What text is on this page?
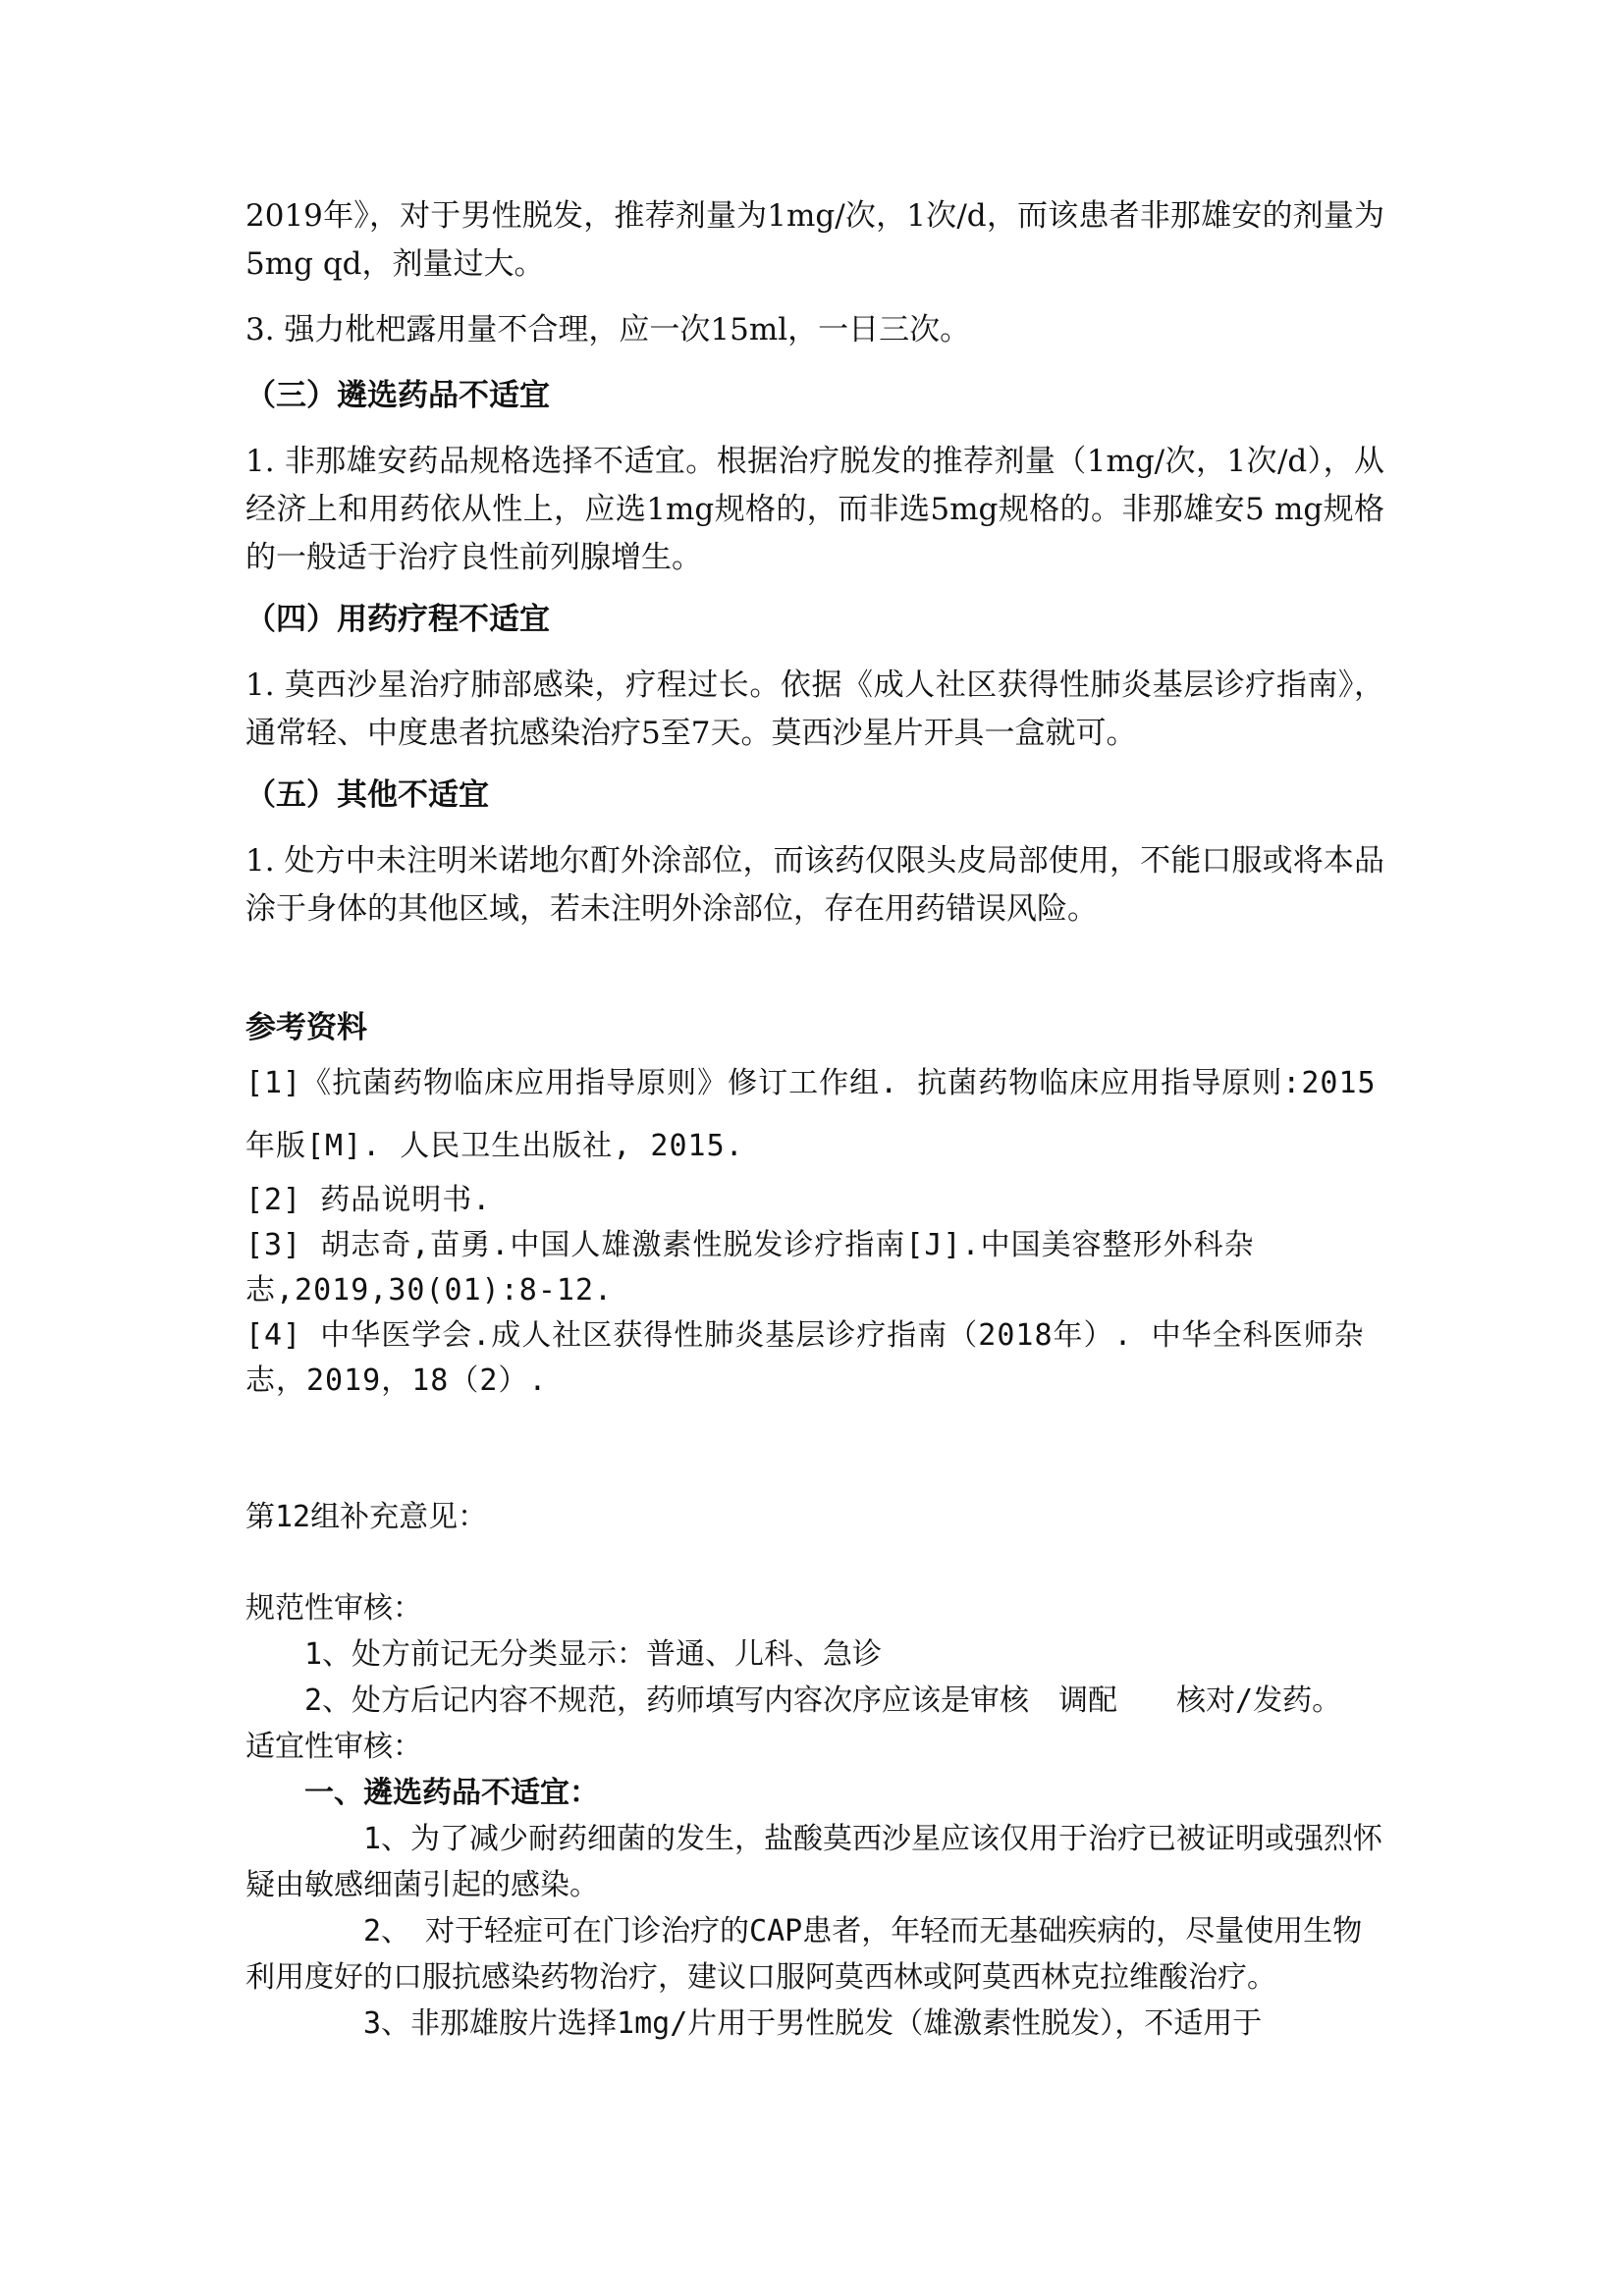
2019年》，对于男性脱发，推荐剂量为1mg/次，1次/d，而该患者非那雄安的剂量为5mg qd，剂量过大。

3. 强力枇杷露用量不合理，应一次15ml，一日三次。

（三）遴选药品不适宜

1. 非那雄安药品规格选择不适宜。根据治疗脱发的推荐剂量（1mg/次，1次/d），从经济上和用药依从性上，应选1mg规格的，而非选5mg规格的。非那雄安5 mg规格的一般适于治疗良性前列腺增生。

（四）用药疗程不适宜

1. 莫西沙星治疗肺部感染，疗程过长。依据《成人社区获得性肺炎基层诊疗指南》，通常轻、中度患者抗感染治疗5至7天。莫西沙星片开具一盒就可。

（五）其他不适宜

1. 处方中未注明米诺地尔酊外涂部位，而该药仅限头皮局部使用，不能口服或将本品涂于身体的其他区域，若未注明外涂部位，存在用药错误风险。

参考资料

[1]《抗菌药物临床应用指导原则》修订工作组. 抗菌药物临床应用指导原则:2015年版[M]. 人民卫生出版社, 2015.

[2] 药品说明书.

[3] 胡志奇,苗勇.中国人雄激素性脱发诊疗指南[J].中国美容整形外科杂志,2019,30(01):8-12.

[4] 中华医学会.成人社区获得性肺炎基层诊疗指南（2018年）. 中华全科医师杂志，2019，18（2）.

第12组补充意见：

规范性审核：

1、处方前记无分类显示：普通、儿科、急诊

2、处方后记内容不规范，药师填写内容次序应该是审核　调配　　核对/发药。

适宜性审核：

一、遴选药品不适宜：

1、为了减少耐药细菌的发生，盐酸莫西沙星应该仅用于治疗已被证明或强烈怀疑由敏感细菌引起的感染。

2、　对于轻症可在门诊治疗的CAP患者，年轻而无基础疾病的，尽量使用生物利用度好的口服抗感染药物治疗，建议口服阿莫西林或阿莫西林克拉维酸治疗。

3、非那雄胺片选择1mg/片用于男性脱发（雄激素性脱发），不适用于
